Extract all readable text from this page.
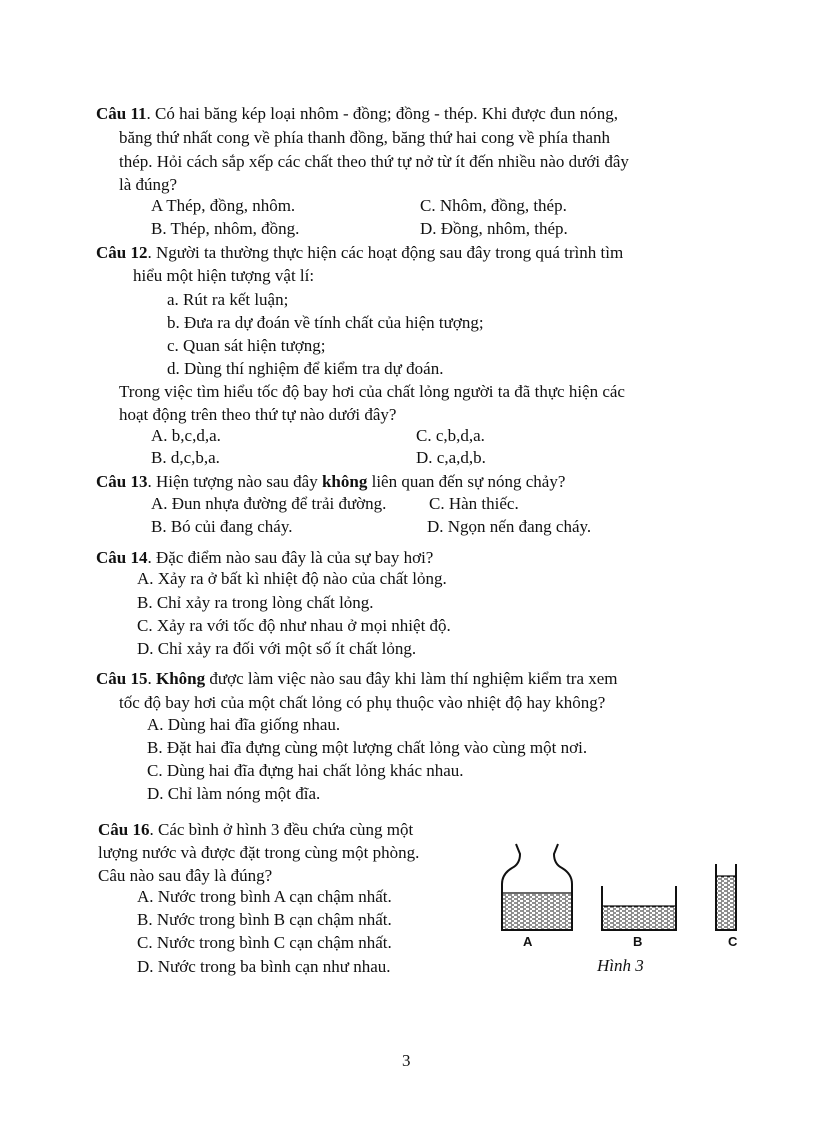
Câu 11. Có hai băng kép loại nhôm - đồng; đồng - thép. Khi được đun nóng,
băng thứ nhất cong về phía thanh đồng, băng thứ hai cong về phía thanh
thép. Hỏi cách sắp xếp các chất theo thứ tự nở từ ít đến nhiều nào dưới đây
là đúng?
A Thép, đồng, nhôm.
B. Thép, nhôm, đồng.
C. Nhôm, đồng, thép.
D. Đồng, nhôm, thép.
Câu 12. Người ta thường thực hiện các hoạt động sau đây trong quá trình tìm
hiểu một hiện tượng vật lí:
a. Rút ra kết luận;
b. Đưa ra dự đoán về tính chất của hiện tượng;
c. Quan sát hiện tượng;
d. Dùng thí nghiệm để kiểm tra dự đoán.
Trong việc tìm hiểu tốc độ bay hơi của chất lỏng người ta đã thực hiện các
hoạt động trên theo thứ tự nào dưới đây?
A. b,c,d,a.
B. d,c,b,a.
C. c,b,d,a.
D. c,a,d,b.
Câu 13. Hiện tượng nào sau đây không liên quan đến sự nóng chảy?
A. Đun nhựa đường để trải đường.
B. Bó củi đang cháy.
C. Hàn thiếc.
D. Ngọn nến đang cháy.
Câu 14. Đặc điểm nào sau đây là của sự bay hơi?
A. Xảy ra ở bất kì nhiệt độ nào của chất lỏng.
B. Chỉ xảy ra trong lòng chất lỏng.
C. Xảy ra với tốc độ như nhau ở mọi nhiệt độ.
D. Chỉ xảy ra đối với một số ít chất lỏng.
Câu 15. Không được làm việc nào sau đây khi làm thí nghiệm kiểm tra xem
tốc độ bay hơi của một chất lỏng có phụ thuộc vào nhiệt độ hay không?
A. Dùng hai đĩa giống nhau.
B. Đặt hai đĩa đựng cùng một lượng chất lỏng vào cùng một nơi.
C. Dùng hai đĩa đựng hai chất lỏng khác nhau.
D. Chỉ làm nóng một đĩa.
Câu 16. Các bình ở hình 3 đều chứa cùng một
lượng nước và được đặt trong cùng một phòng.
Câu nào sau đây là đúng?
A. Nước trong bình A cạn chậm nhất.
B. Nước trong bình B cạn chậm nhất.
C. Nước trong bình C cạn chậm nhất.
D. Nước trong ba bình cạn như nhau.
A	B	C
Hình 3
3
